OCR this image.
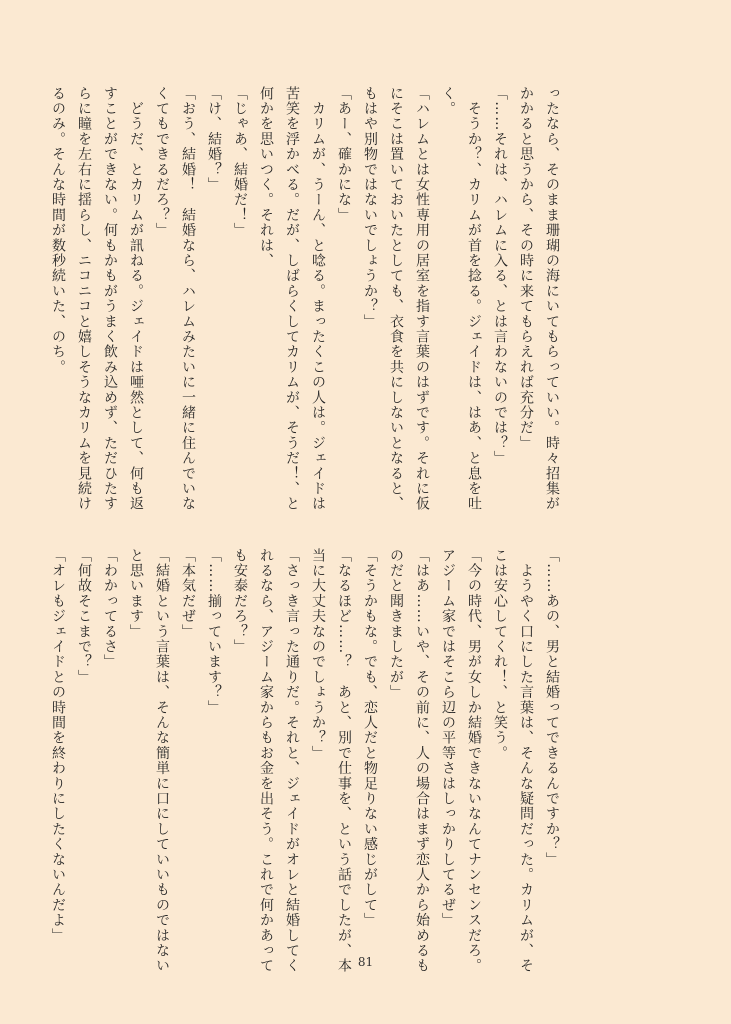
ったなら、そのまま珊瑚の海にいてもらっていい。時々招集が
かかると思うから、その時に来てもらえれば充分だ」
「……それは、ハレムに入る、とは言わないのでは？」
　そうか？、カリムが首を捻る。ジェイドは、はあ、と息を吐
く。
「ハレムとは女性専用の居室を指す言葉のはずです。それに仮
にそこは置いておいたとしても、衣食を共にしないとなると、
もはや別物ではないでしょうか？」
「あー、確かにな」
　カリムが、うーん、と唸る。まったくこの人は。ジェイドは
苦笑を浮かべる。だが、しばらくしてカリムが、そうだ！、と
何かを思いつく。それは、
「じゃあ、結婚だ！」
「け、結婚？」
「おう、結婚！　結婚なら、ハレムみたいに一緒に住んでいな
くてもできるだろ？」
　どうだ、とカリムが訊ねる。ジェイドは唖然として、何も返
すことができない。何もかもがうまく飲み込めず、ただひたす
らに瞳を左右に揺らし、ニコニコと嬉しそうなカリムを見続け
るのみ。そんな時間が数秒続いた、のち。
「……あの、男と結婚ってできるんですか？」
　ようやく口にした言葉は、そんな疑問だった。カリムが、そ
こは安心してくれ！、と笑う。
「今の時代、男が女しか結婚できないなんてナンセンスだろ。
アジーム家ではそこら辺の平等さはしっかりしてるぜ」
「はあ……いや、その前に、人の場合はまず恋人から始めるも
のだと聞きましたが」
「そうかもな。でも、恋人だと物足りない感じがして」
「なるほど……？　あと、別で仕事を、という話でしたが、本
当に大丈夫なのでしょうか？」
「さっき言った通りだ。それと、ジェイドがオレと結婚してく
れるなら、アジーム家からもお金を出そう。これで何かあって
も安泰だろ？」
「……揃っています？」
「本気だぜ」
「結婚という言葉は、そんな簡単に口にしていいものではない
と思います」
「わかってるさ」
「何故そこまで？」
「オレもジェイドとの時間を終わりにしたくないんだよ」
81
